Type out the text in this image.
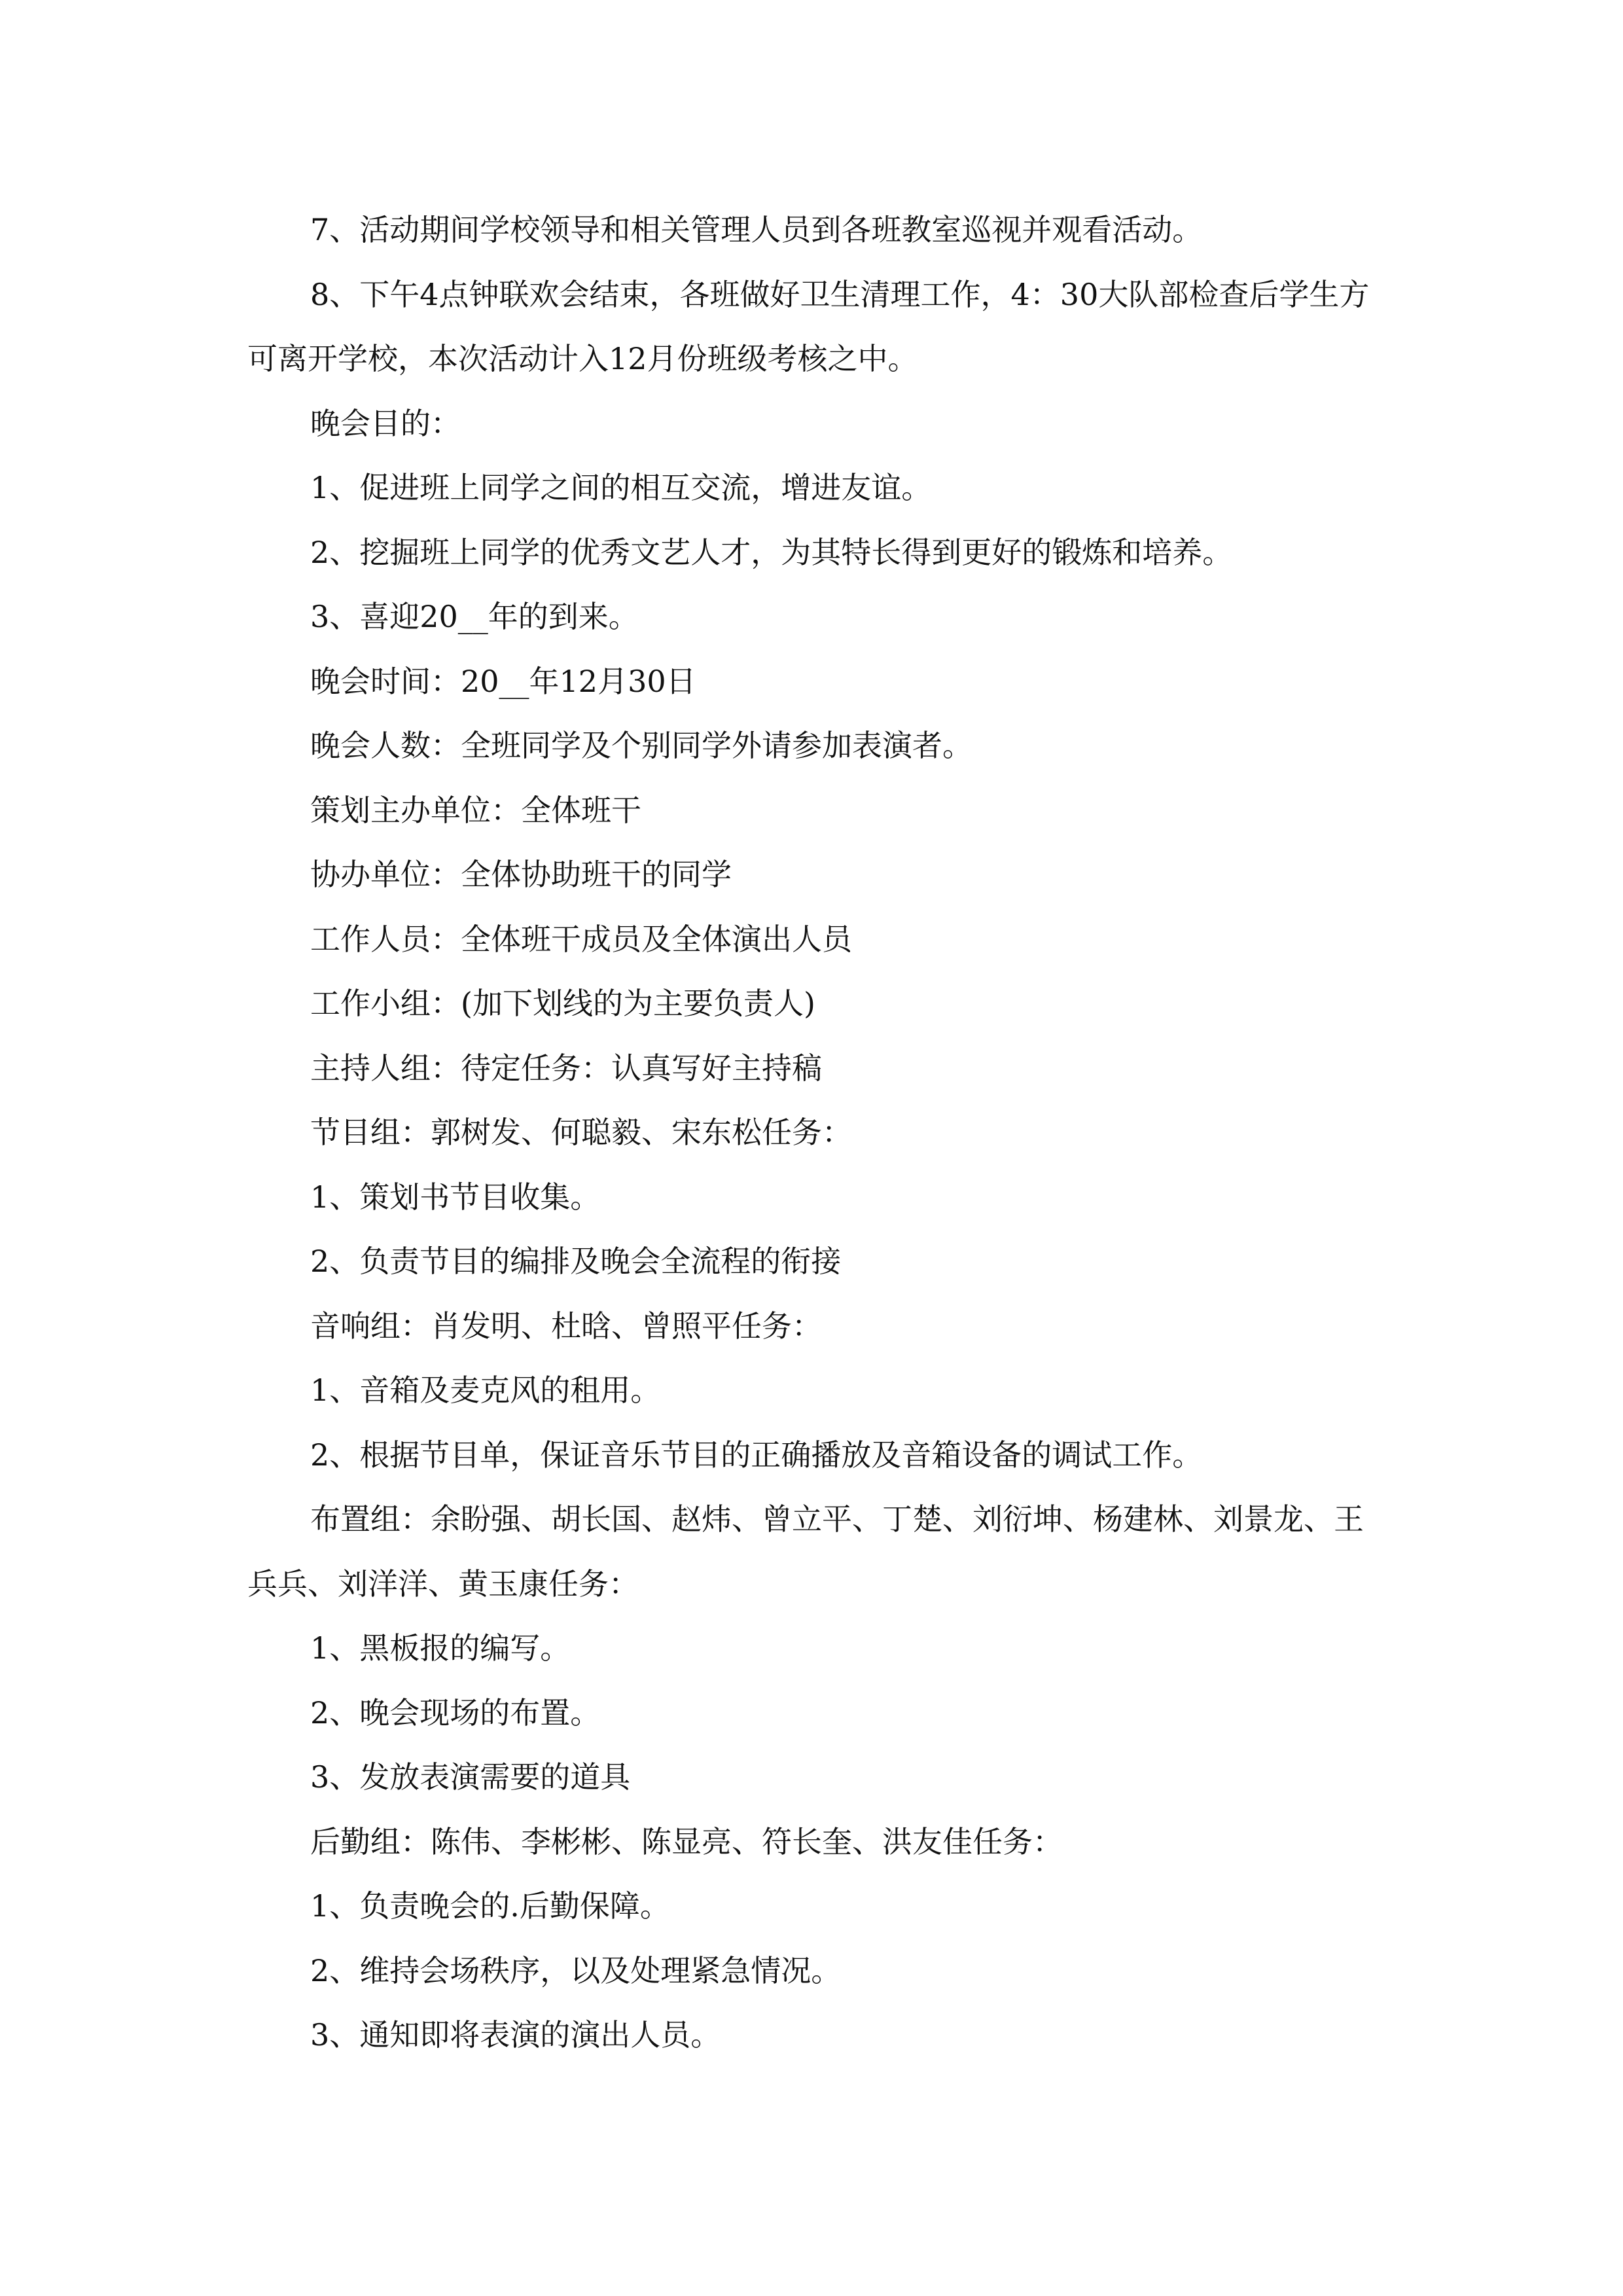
7、活动期间学校领导和相关管理人员到各班教室巡视并观看活动。

8、下午4点钟联欢会结束，各班做好卫生清理工作，4：30大队部检查后学生方可离开学校，本次活动计入12月份班级考核之中。

晚会目的：

1、促进班上同学之间的相互交流，增进友谊。

2、挖掘班上同学的优秀文艺人才，为其特长得到更好的锻炼和培养。

3、喜迎20__年的到来。

晚会时间：20__年12月30日

晚会人数：全班同学及个别同学外请参加表演者。

策划主办单位：全体班干

协办单位：全体协助班干的同学

工作人员：全体班干成员及全体演出人员

工作小组：(加下划线的为主要负责人)

主持人组：待定任务：认真写好主持稿

节目组：郭树发、何聪毅、宋东松任务：

1、策划书节目收集。

2、负责节目的编排及晚会全流程的衔接

音响组：肖发明、杜晗、曾照平任务：

1、音箱及麦克风的租用。

2、根据节目单，保证音乐节目的正确播放及音箱设备的调试工作。

布置组：余盼强、胡长国、赵炜、曾立平、丁楚、刘衍坤、杨建林、刘景龙、王兵兵、刘洋洋、黄玉康任务：

1、黑板报的编写。

2、晚会现场的布置。

3、发放表演需要的道具

后勤组：陈伟、李彬彬、陈显亮、符长奎、洪友佳任务：

1、负责晚会的.后勤保障。

2、维持会场秩序，以及处理紧急情况。

3、通知即将表演的演出人员。
